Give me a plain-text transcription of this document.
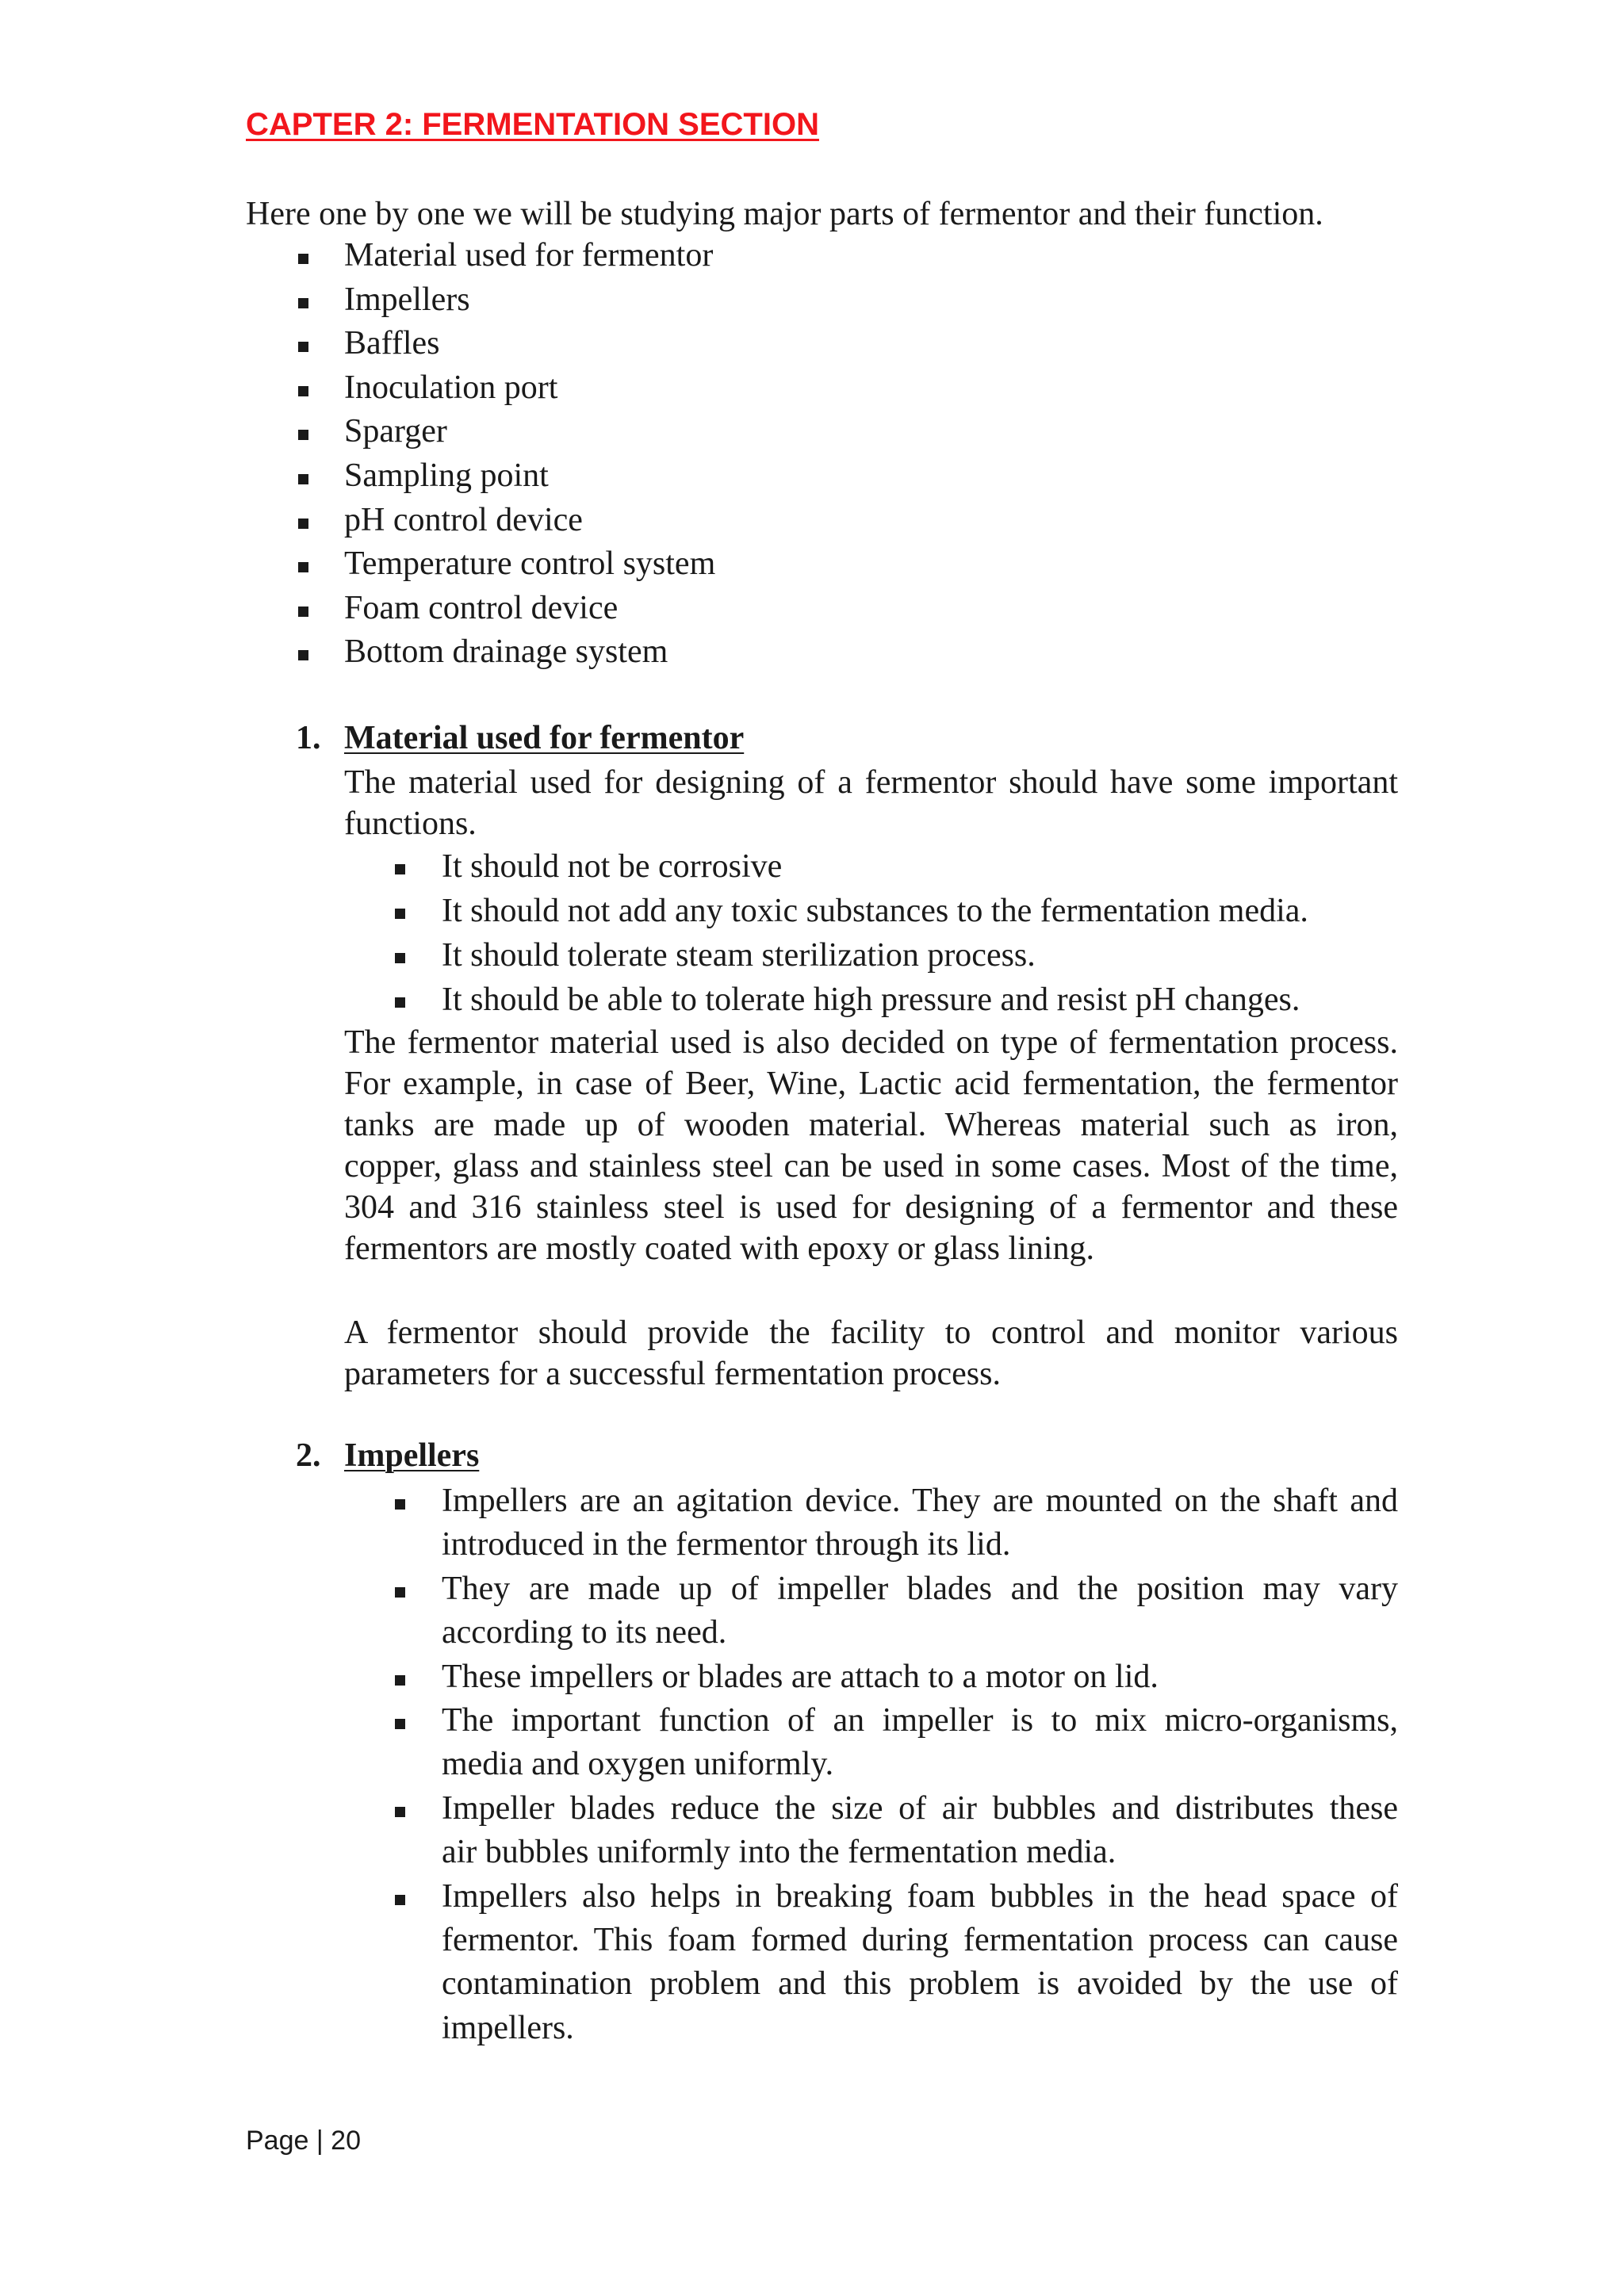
CAPTER 2: FERMENTATION SECTION
Here one by one we will be studying major parts of fermentor and their function.
Material used for fermentor
Impellers
Baffles
Inoculation port
Sparger
Sampling point
pH control device
Temperature control system
Foam control device
Bottom drainage system
1. Material used for fermentor
The material used for designing of a fermentor should have some important
functions.
It should not be corrosive
It should not add any toxic substances to the fermentation media.
It should tolerate steam sterilization process.
It should be able to tolerate high pressure and resist pH changes.
The fermentor material used is also decided on type of fermentation process.
For example, in case of Beer, Wine, Lactic acid fermentation, the fermentor
tanks are made up of wooden material. Whereas material such as iron,
copper, glass and stainless steel can be used in some cases. Most of the time,
304 and 316 stainless steel is used for designing of a fermentor and these
fermentors are mostly coated with epoxy or glass lining.
A fermentor should provide the facility to control and monitor various
parameters for a successful fermentation process.
2. Impellers
Impellers are an agitation device. They are mounted on the shaft and
introduced in the fermentor through its lid.
They are made up of impeller blades and the position may vary
according to its need.
These impellers or blades are attach to a motor on lid.
The important function of an impeller is to mix micro-organisms,
media and oxygen uniformly.
Impeller blades reduce the size of air bubbles and distributes these
air bubbles uniformly into the fermentation media.
Impellers also helps in breaking foam bubbles in the head space of
fermentor. This foam formed during fermentation process can cause
contamination problem and this problem is avoided by the use of
impellers.
Page | 20
